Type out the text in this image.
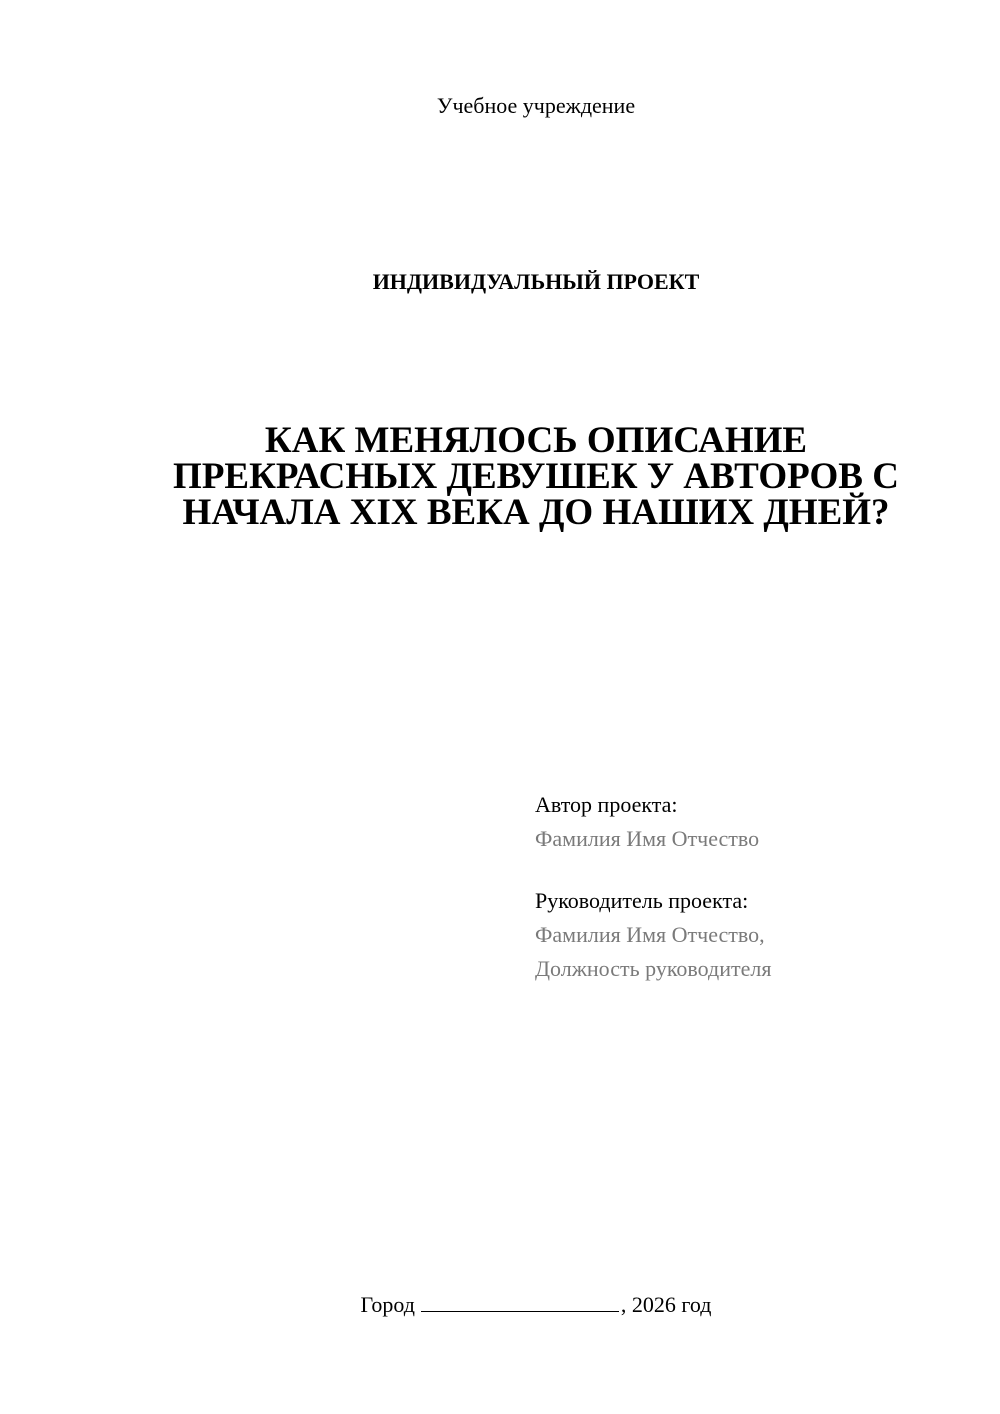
Учебное учреждение
ИНДИВИДУАЛЬНЫЙ ПРОЕКТ
КАК МЕНЯЛОСЬ ОПИСАНИЕ
ПРЕКРАСНЫХ ДЕВУШЕК У АВТОРОВ С
НАЧАЛА XIX ВЕКА ДО НАШИХ ДНЕЙ?
Автор проекта:
Фамилия Имя Отчество
Руководитель проекта:
Фамилия Имя Отчество,
Должность руководителя
Город	, 2026 год
